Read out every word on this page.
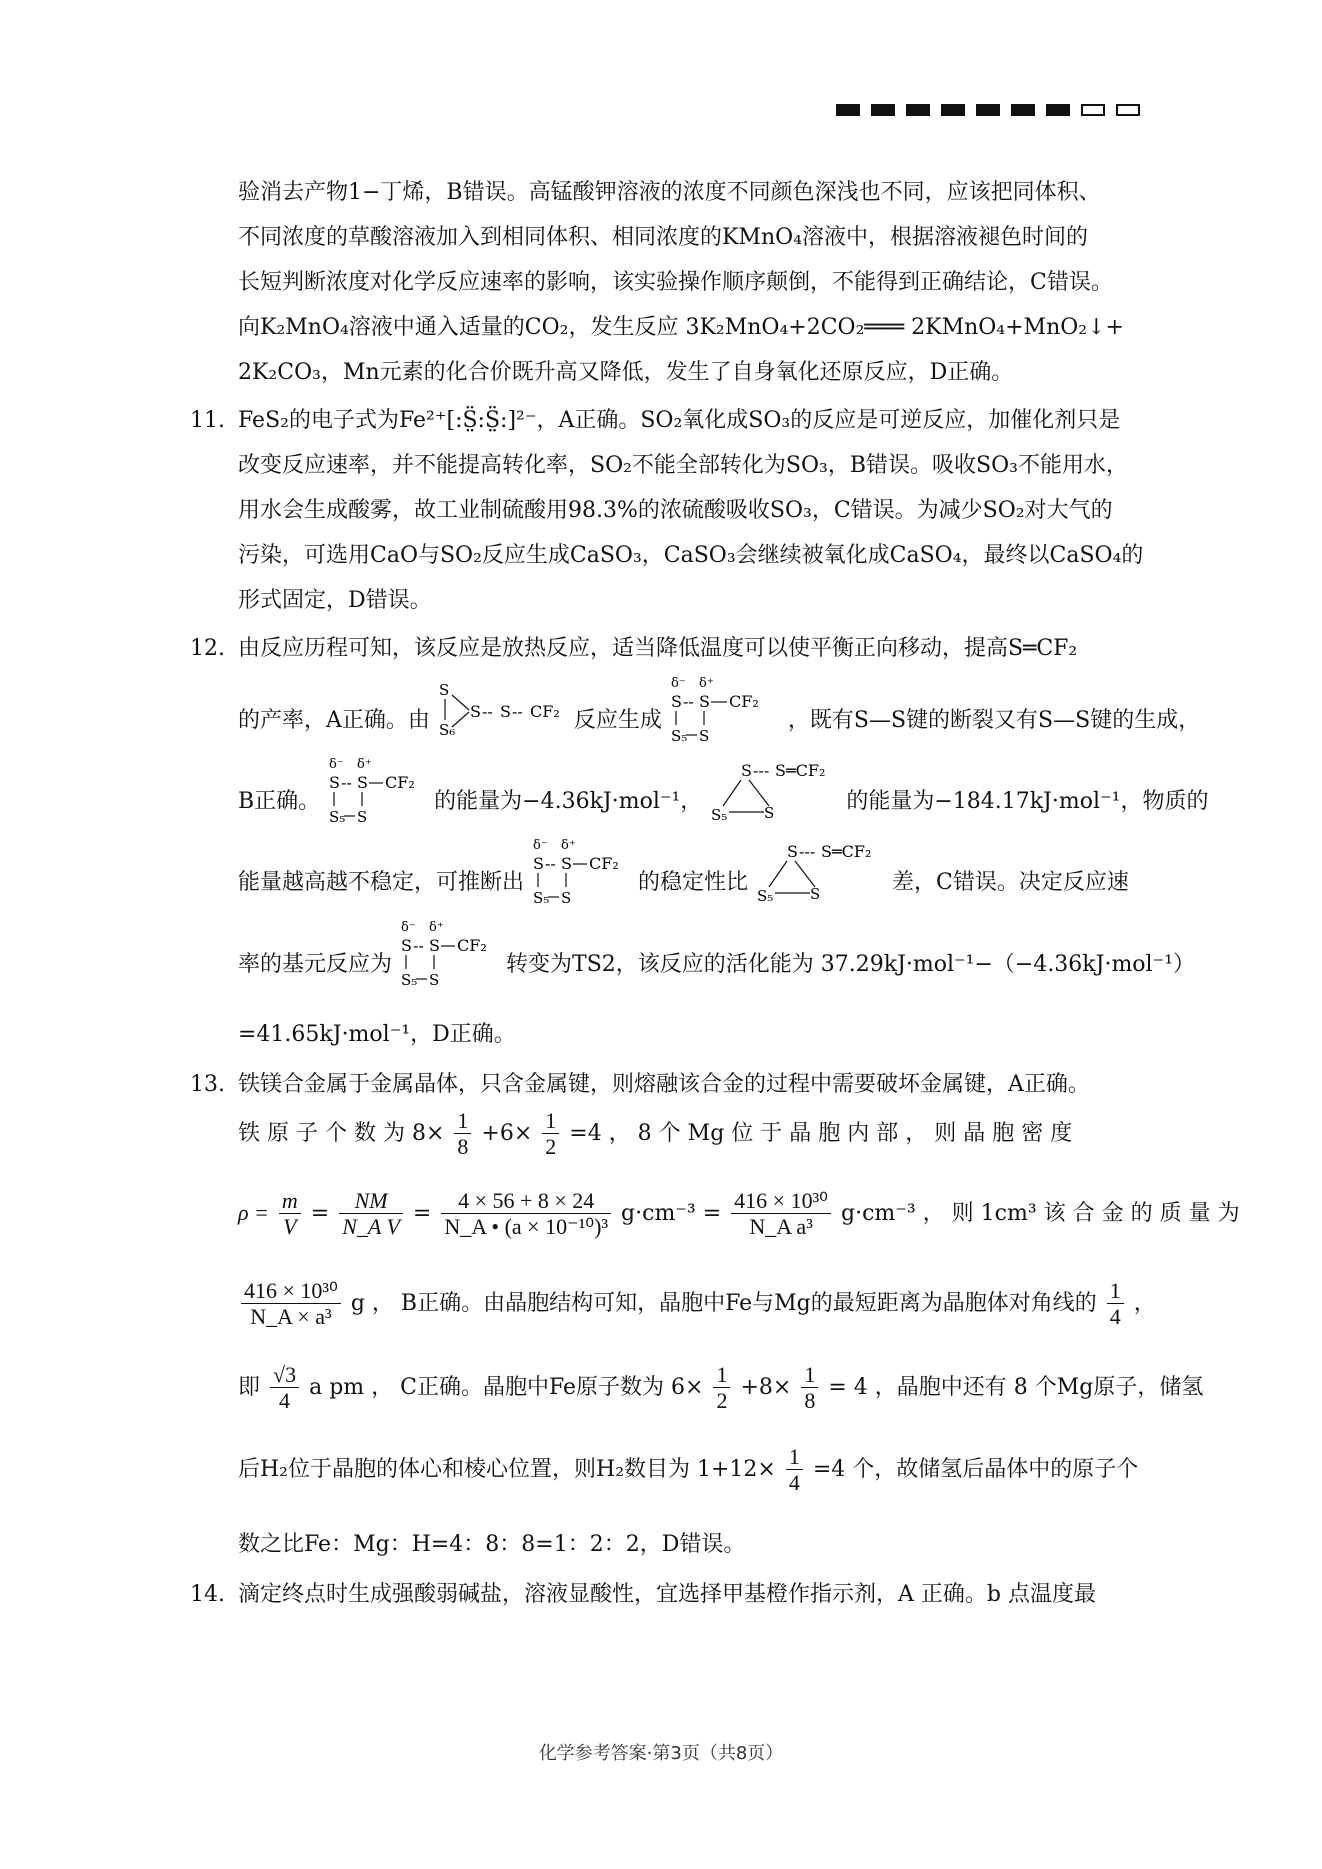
验消去产物1−丁烯，B错误。高锰酸钾溶液的浓度不同颜色深浅也不同，应该把同体积、
不同浓度的草酸溶液加入到相同体积、相同浓度的KMnO₄溶液中，根据溶液褪色时间的
长短判断浓度对化学反应速率的影响，该实验操作顺序颠倒，不能得到正确结论，C错误。
向K₂MnO₄溶液中通入适量的CO₂，发生反应 3K₂MnO₄+2CO₂═══ 2KMnO₄+MnO₂↓+
2K₂CO₃，Mn元素的化合价既升高又降低，发生了自身氧化还原反应，D正确。
11. FeS₂的电子式为Fe²⁺[:S̤̈:S̤̈:]²⁻，A正确。SO₂氧化成SO₃的反应是可逆反应，加催化剂只是
改变反应速率，并不能提高转化率，SO₂不能全部转化为SO₃，B错误。吸收SO₃不能用水，
用水会生成酸雾，故工业制硫酸用98.3%的浓硫酸吸收SO₃，C错误。为减少SO₂对大气的
污染，可选用CaO与SO₂反应生成CaSO₃，CaSO₃会继续被氧化成CaSO₄，最终以CaSO₄的
形式固定，D错误。
12. 由反应历程可知，该反应是放热反应，适当降低温度可以使平衡正向移动，提高S═CF₂
的产率，A正确。由
S
S₆
S -- S -- CF₂ 反应生成
δ⁻ δ⁺
S -- S CF₂
S₅ S
，既有S—S键的断裂又有S—S键的生成，
B正确。
δ⁻ δ⁺
S -- S CF₂
S₅ S
的能量为−4.36kJ·mol⁻¹，
S --- S═CF₂
S₅ S	的能量为−184.17kJ·mol⁻¹，物质的
能量越高越不稳定，可推断出
δ⁻ δ⁺
S -- S CF₂
S₅ S
的稳定性比
S --- S═CF₂
S₅ S	差，C错误。决定反应速
率的基元反应为
δ⁻ δ⁺
S -- S CF₂
S₅ S
转变为TS2，该反应的活化能为 37.29kJ·mol⁻¹−（−4.36kJ·mol⁻¹）
=41.65kJ·mol⁻¹，D正确。
13. 铁镁合金属于金属晶体，只含金属键，则熔融该合金的过程中需要破坏金属键，A正确。
铁 原 子 个 数 为 $8\times \frac{1}{8} +6\times \frac{1}{2} =4$ ， 8 个 Mg 位 于 晶 胞 内 部 ， 则 晶 胞 密 度
$\rho = \frac{m}{V} = \frac{NM}{\text{N\_A V}} = \frac{4 \times 56 + 8 \times 24}{\text{N\_A • (a × 10⁻¹⁰)³}} g\cdot cm^{-3} = \frac{\text{416 × 10³⁰}}{\text{N\_A a³}} g\cdot cm^{-3}$ ， 则 1cm³ 该 合 金 的 质 量 为
$\frac{\text{416 × 10³⁰}}{\text{N\_A × a³}}$ g ， B正确。由晶胞结构可知，晶胞中Fe与Mg的最短距离为晶胞体对角线的 $\frac{1}{4}$ ，
即 $\frac{√3}{4}$ a pm ， C正确。晶胞中Fe原子数为 $6\times \frac{1}{2} +8\times \frac{1}{8} = 4$ ，晶胞中还有 8 个Mg原子，储氢
后H₂位于晶胞的体心和棱心位置，则H₂数目为 $1+12\times \frac{1}{4} =4$ 个，故储氢后晶体中的原子个
数之比Fe：Mg：H=4：8：8=1：2：2，D错误。
14. 滴定终点时生成强酸弱碱盐，溶液显酸性，宜选择甲基橙作指示剂，A 正确。b 点温度最
化学参考答案·第3页（共8页）
